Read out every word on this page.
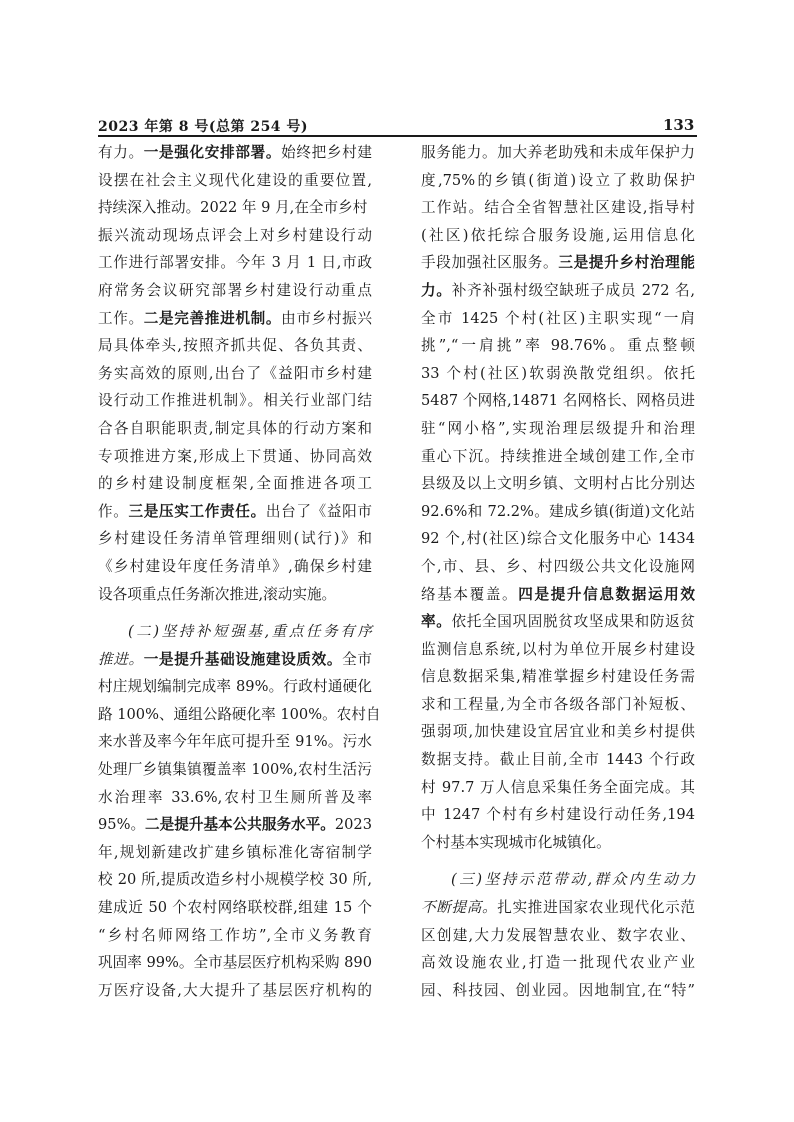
2023 年第 8 号(总第 254 号)	133
有力。一是强化安排部署。始终把乡村建
设摆在社会主义现代化建设的重要位置,
持续深入推动。2022 年 9 月,在全市乡村
振兴流动现场点评会上对乡村建设行动
工作进行部署安排。今年 3 月 1 日,市政
府常务会议研究部署乡村建设行动重点
工作。二是完善推进机制。由市乡村振兴
局具体牵头,按照齐抓共促、各负其责、
务实高效的原则,出台了《益阳市乡村建
设行动工作推进机制》。相关行业部门结
合各自职能职责,制定具体的行动方案和
专项推进方案,形成上下贯通、协同高效
的乡村建设制度框架,全面推进各项工
作。三是压实工作责任。出台了《益阳市
乡村建设任务清单管理细则(试行)》和
《乡村建设年度任务清单》,确保乡村建
设各项重点任务渐次推进,滚动实施。
(二)坚持补短强基,重点任务有序
推进。一是提升基础设施建设质效。全市
村庄规划编制完成率 89%。行政村通硬化
路 100%、通组公路硬化率 100%。农村自
来水普及率今年年底可提升至 91%。污水
处理厂乡镇集镇覆盖率 100%,农村生活污
水治理率 33.6%,农村卫生厕所普及率
95%。二是提升基本公共服务水平。2023
年,规划新建改扩建乡镇标准化寄宿制学
校 20 所,提质改造乡村小规模学校 30 所,
建成近 50 个农村网络联校群,组建 15 个
“乡村名师网络工作坊”,全市义务教育
巩固率 99%。全市基层医疗机构采购 890
万医疗设备,大大提升了基层医疗机构的
服务能力。加大养老助残和未成年保护力
度,75%的乡镇(街道)设立了救助保护
工作站。结合全省智慧社区建设,指导村
(社区)依托综合服务设施,运用信息化
手段加强社区服务。三是提升乡村治理能
力。补齐补强村级空缺班子成员 272 名,
全市 1425 个村(社区)主职实现“一肩
挑”,“一肩挑”率 98.76%。重点整顿
33 个村(社区)软弱涣散党组织。依托
5487 个网格,14871 名网格长、网格员进
驻“网小格”,实现治理层级提升和治理
重心下沉。持续推进全域创建工作,全市
县级及以上文明乡镇、文明村占比分别达
92.6%和 72.2%。建成乡镇(街道)文化站
92 个,村(社区)综合文化服务中心 1434
个,市、县、乡、村四级公共文化设施网
络基本覆盖。四是提升信息数据运用效
率。依托全国巩固脱贫攻坚成果和防返贫
监测信息系统,以村为单位开展乡村建设
信息数据采集,精准掌握乡村建设任务需
求和工程量,为全市各级各部门补短板、
强弱项,加快建设宜居宜业和美乡村提供
数据支持。截止目前,全市 1443 个行政
村 97.7 万人信息采集任务全面完成。其
中 1247 个村有乡村建设行动任务,194
个村基本实现城市化城镇化。
(三)坚持示范带动,群众内生动力
不断提高。扎实推进国家农业现代化示范
区创建,大力发展智慧农业、数字农业、
高效设施农业,打造一批现代农业产业
园、科技园、创业园。因地制宜,在“特”
